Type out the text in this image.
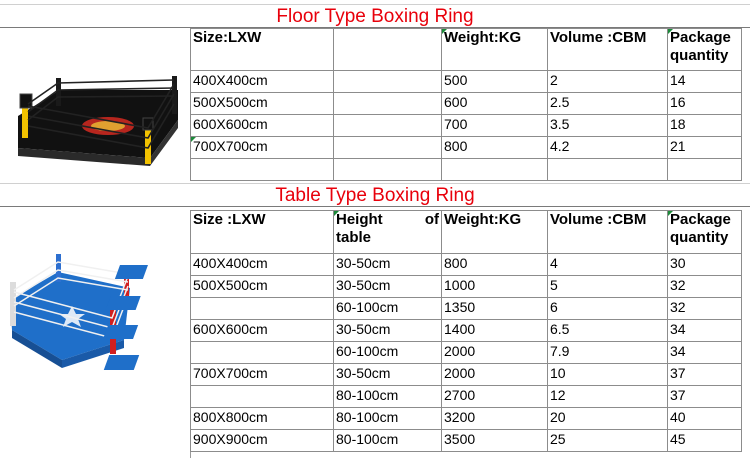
Floor Type Boxing Ring
Size:LXW		Weight:KG	Volume :CBM	Package quantity
400X400cm		500	2	14
500X500cm		600	2.5	16
600X600cm		700	3.5	18
700X700cm		800	4.2	21

Table Type Boxing Ring
Size :LXW	Height of table	Weight:KG	Volume :CBM	Package quantity
400X400cm	30-50cm	800	4	30
500X500cm	30-50cm	1000	5	32
	60-100cm	1350	6	32
600X600cm	30-50cm	1400	6.5	34
	60-100cm	2000	7.9	34
700X700cm	30-50cm	2000	10	37
	80-100cm	2700	12	37
800X800cm	80-100cm	3200	20	40
900X900cm	80-100cm	3500	25	45
